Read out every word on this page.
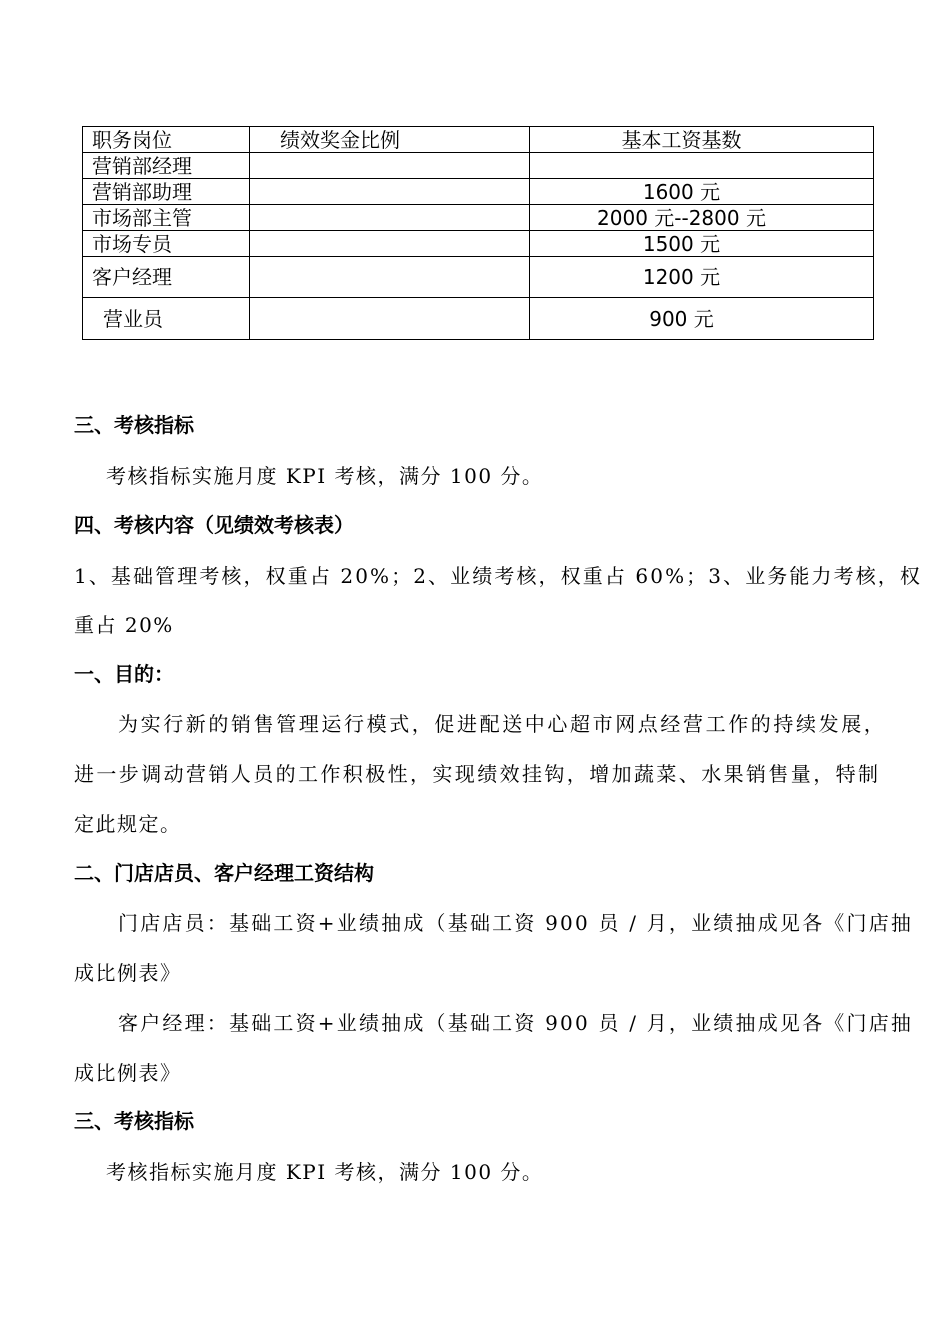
职务岗位	绩效奖金比例	基本工资基数
营销部经理		
营销部助理		1600 元
市场部主管		2000 元--2800 元
市场专员		1500 元
客户经理		1200 元
营业员		900 元
三、考核指标
考核指标实施月度 KPI 考核，满分 100 分。
四、考核内容（见绩效考核表）
1、基础管理考核，权重占 20%；2、业绩考核，权重占 60%；3、业务能力考核，权
重占 20%
一、目的：
为实行新的销售管理运行模式，促进配送中心超市网点经营工作的持续发展，
进一步调动营销人员的工作积极性，实现绩效挂钩，增加蔬菜、水果销售量，特制
定此规定。
二、门店店员、客户经理工资结构
门店店员：基础工资+业绩抽成（基础工资 900 员 / 月，业绩抽成见各《门店抽
成比例表》
客户经理：基础工资+业绩抽成（基础工资 900 员 / 月，业绩抽成见各《门店抽
成比例表》
三、考核指标
考核指标实施月度 KPI 考核，满分 100 分。
